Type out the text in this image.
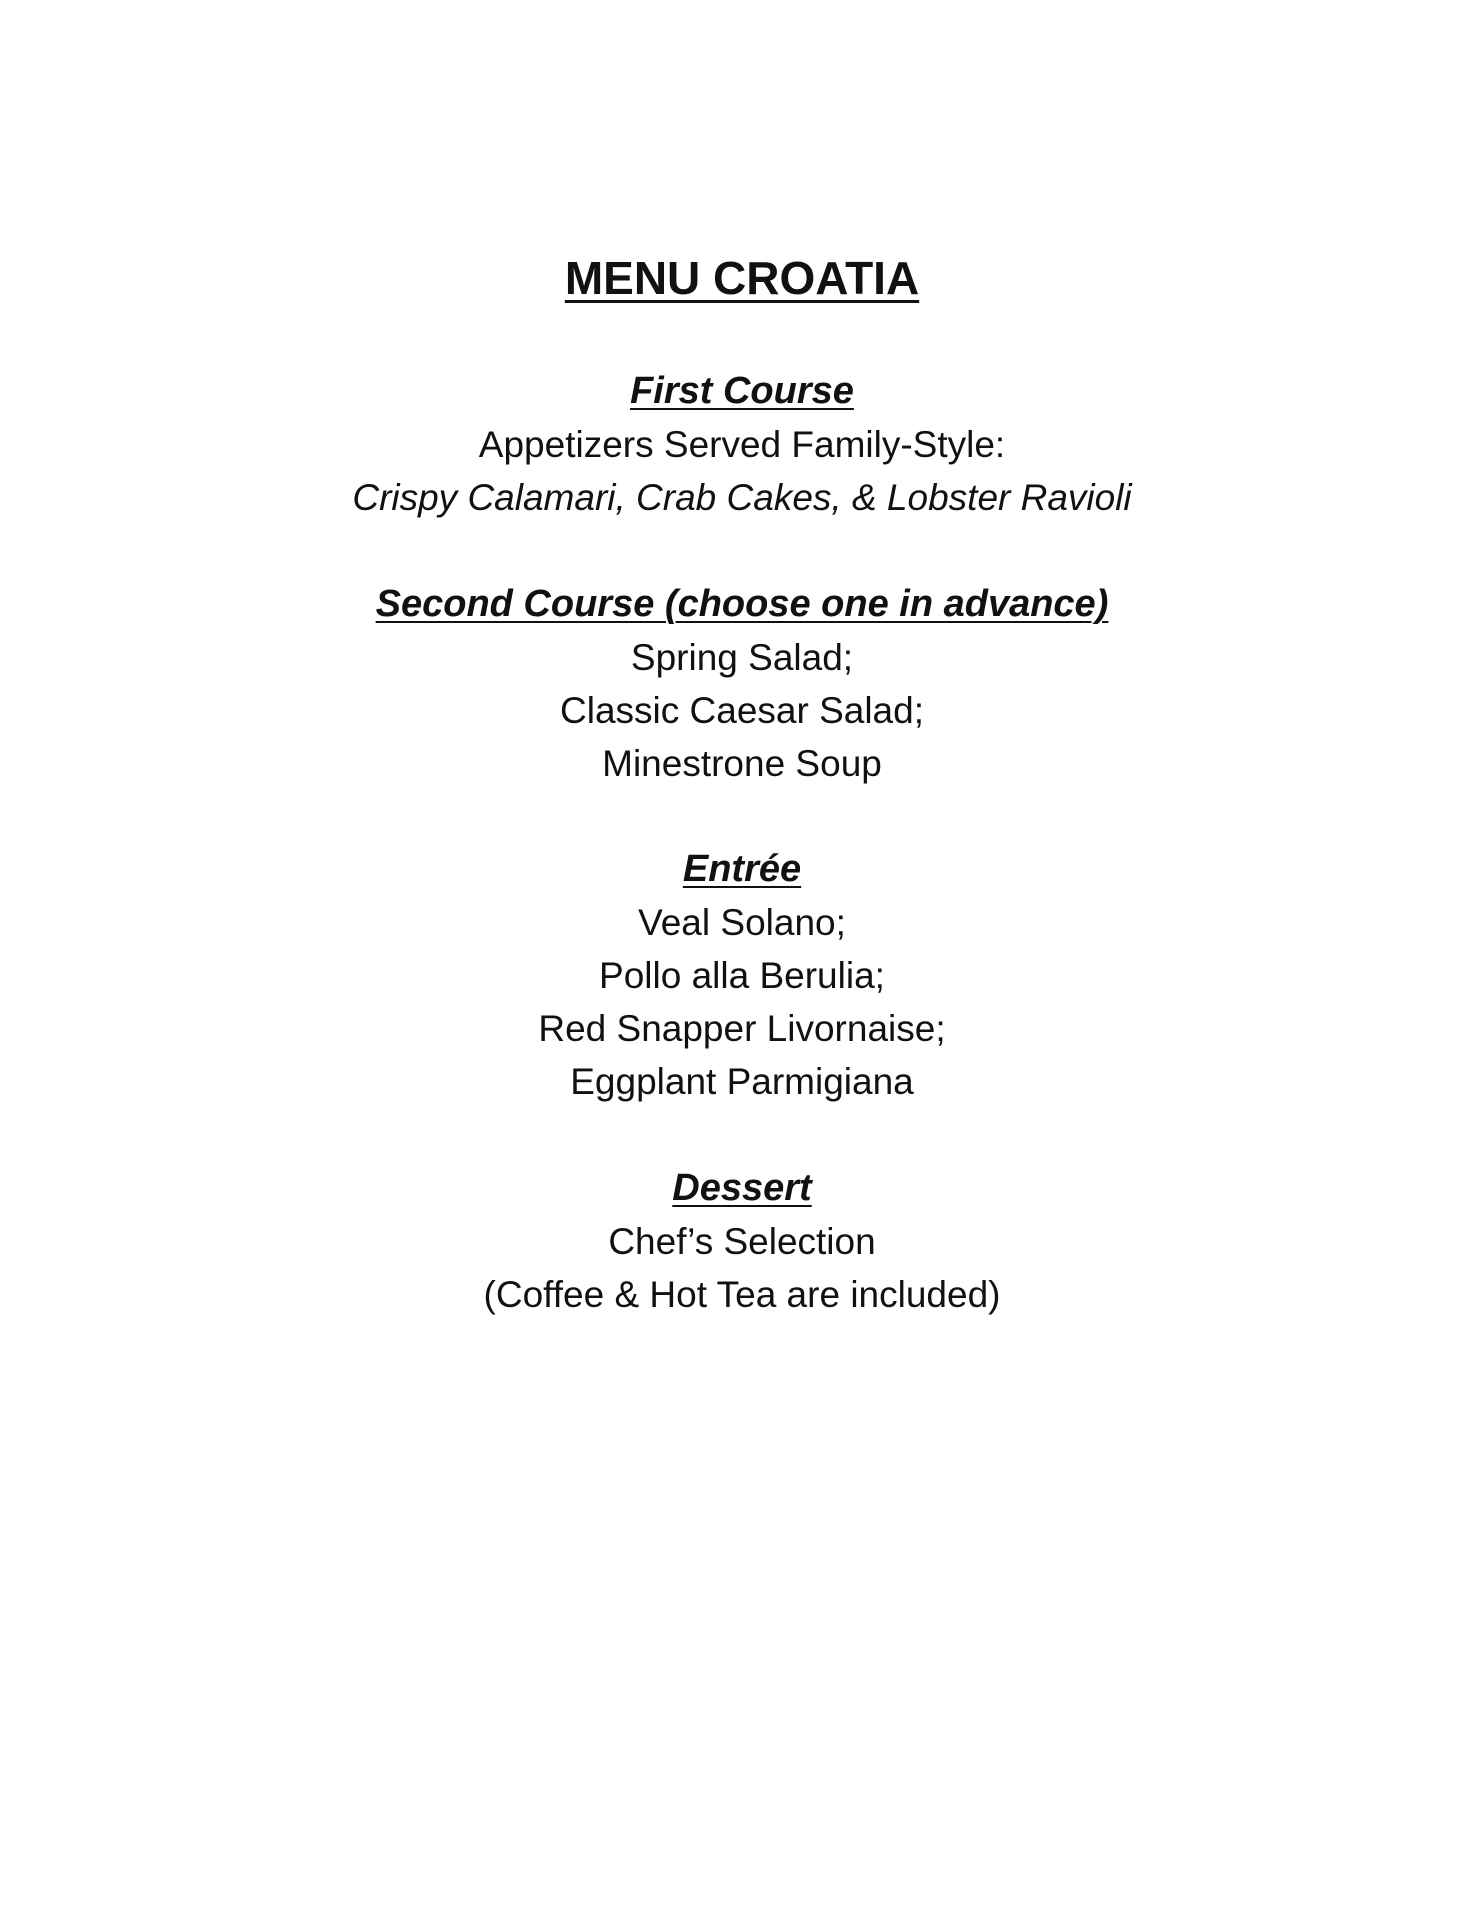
MENU CROATIA

First Course

Appetizers Served Family-Style:

Crispy Calamari, Crab Cakes, & Lobster Ravioli

Second Course (choose one in advance)

Spring Salad;

Classic Caesar Salad;

Minestrone Soup

Entrée

Veal Solano;

Pollo alla Berulia;

Red Snapper Livornaise;

Eggplant Parmigiana

Dessert

Chef’s Selection

(Coffee & Hot Tea are included)
